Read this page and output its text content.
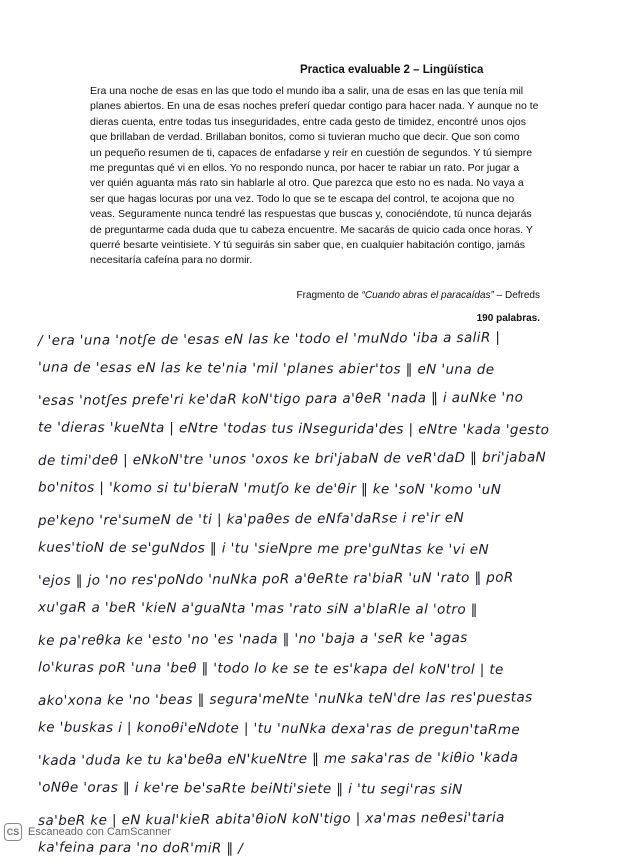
Practica evaluable 2 – Lingüística
Era una noche de esas en las que todo el mundo iba a salir, una de esas en las que tenía mil
planes abiertos. En una de esas noches preferí quedar contigo para hacer nada. Y aunque no te
dieras cuenta, entre todas tus inseguridades, entre cada gesto de timidez, encontré unos ojos
que brillaban de verdad. Brillaban bonitos, como si tuvieran mucho que decir. Que son como
un pequeño resumen de ti, capaces de enfadarse y reír en cuestión de segundos. Y tú siempre
me preguntas qué vi en ellos. Yo no respondo nunca, por hacer te rabiar un rato. Por jugar a
ver quién aguanta más rato sin hablarle al otro. Que parezca que esto no es nada. No vaya a
ser que hagas locuras por una vez. Todo lo que se te escapa del control, te acojona que no
veas. Seguramente nunca tendré las respuestas que buscas y, conociéndote, tú nunca dejarás
de preguntarme cada duda que tu cabeza encuentre. Me sacarás de quicio cada once horas. Y
querré besarte veintisiete. Y tú seguirás sin saber que, en cualquier habitación contigo, jamás
necesitaría cafeína para no dormir.
Fragmento de “Cuando abras el paracaídas” – Defreds
190 palabras.
/ 'era 'una 'notʃe de 'esas eN las ke 'todo el 'muNdo 'iba a saliR |
'una de 'esas eN las ke te'nia 'mil 'planes abier'tos ‖ eN 'una de
'esas 'notʃes prefe'ri ke'daR koN'tigo para a'θeR 'nada ‖ i auNke 'no
te 'dieras 'kueNta | eNtre 'todas tus iNsegurida'des | eNtre 'kada 'gesto
de timi'deθ | eNkoN'tre 'unos 'oxos ke bri'jabaN de veR'daD ‖ bri'jabaN
bo'nitos | 'komo si tu'bieraN 'mutʃo ke de'θir ‖ ke 'soN 'komo 'uN
pe'keɲo 're'sumeN de 'ti | ka'paθes de eNfa'daRse i re'ir eN
kues'tioN de se'guNdos ‖ i 'tu 'sieNpre me pre'guNtas ke 'vi eN
'ejos ‖ jo 'no res'poNdo 'nuNka poR a'θeRte ra'biaR 'uN 'rato ‖ poR
xu'gaR a 'beR 'kieN a'guaNta 'mas 'rato siN a'blaRle al 'otro ‖
ke pa'reθka ke 'esto 'no 'es 'nada ‖ 'no 'baja a 'seR ke 'agas
lo'kuras poR 'una 'beθ ‖ 'todo lo ke se te es'kapa del koN'trol | te
ako'xona ke 'no 'beas ‖ segura'meNte 'nuNka teN'dre las res'puestas
ke 'buskas i | konoθi'eNdote | 'tu 'nuNka dexa'ras de pregun'taRme
'kada 'duda ke tu ka'beθa eN'kueNtre ‖ me saka'ras de 'kiθio 'kada
'oNθe 'oras ‖ i ke're be'saRte beiNti'siete ‖ i 'tu segi'ras siN
sa'beR ke | eN kual'kieR abita'θioN koN'tigo | xa'mas neθesi'taria
ka'feina para 'no doR'miR ‖ /
CS Escaneado con CamScanner
